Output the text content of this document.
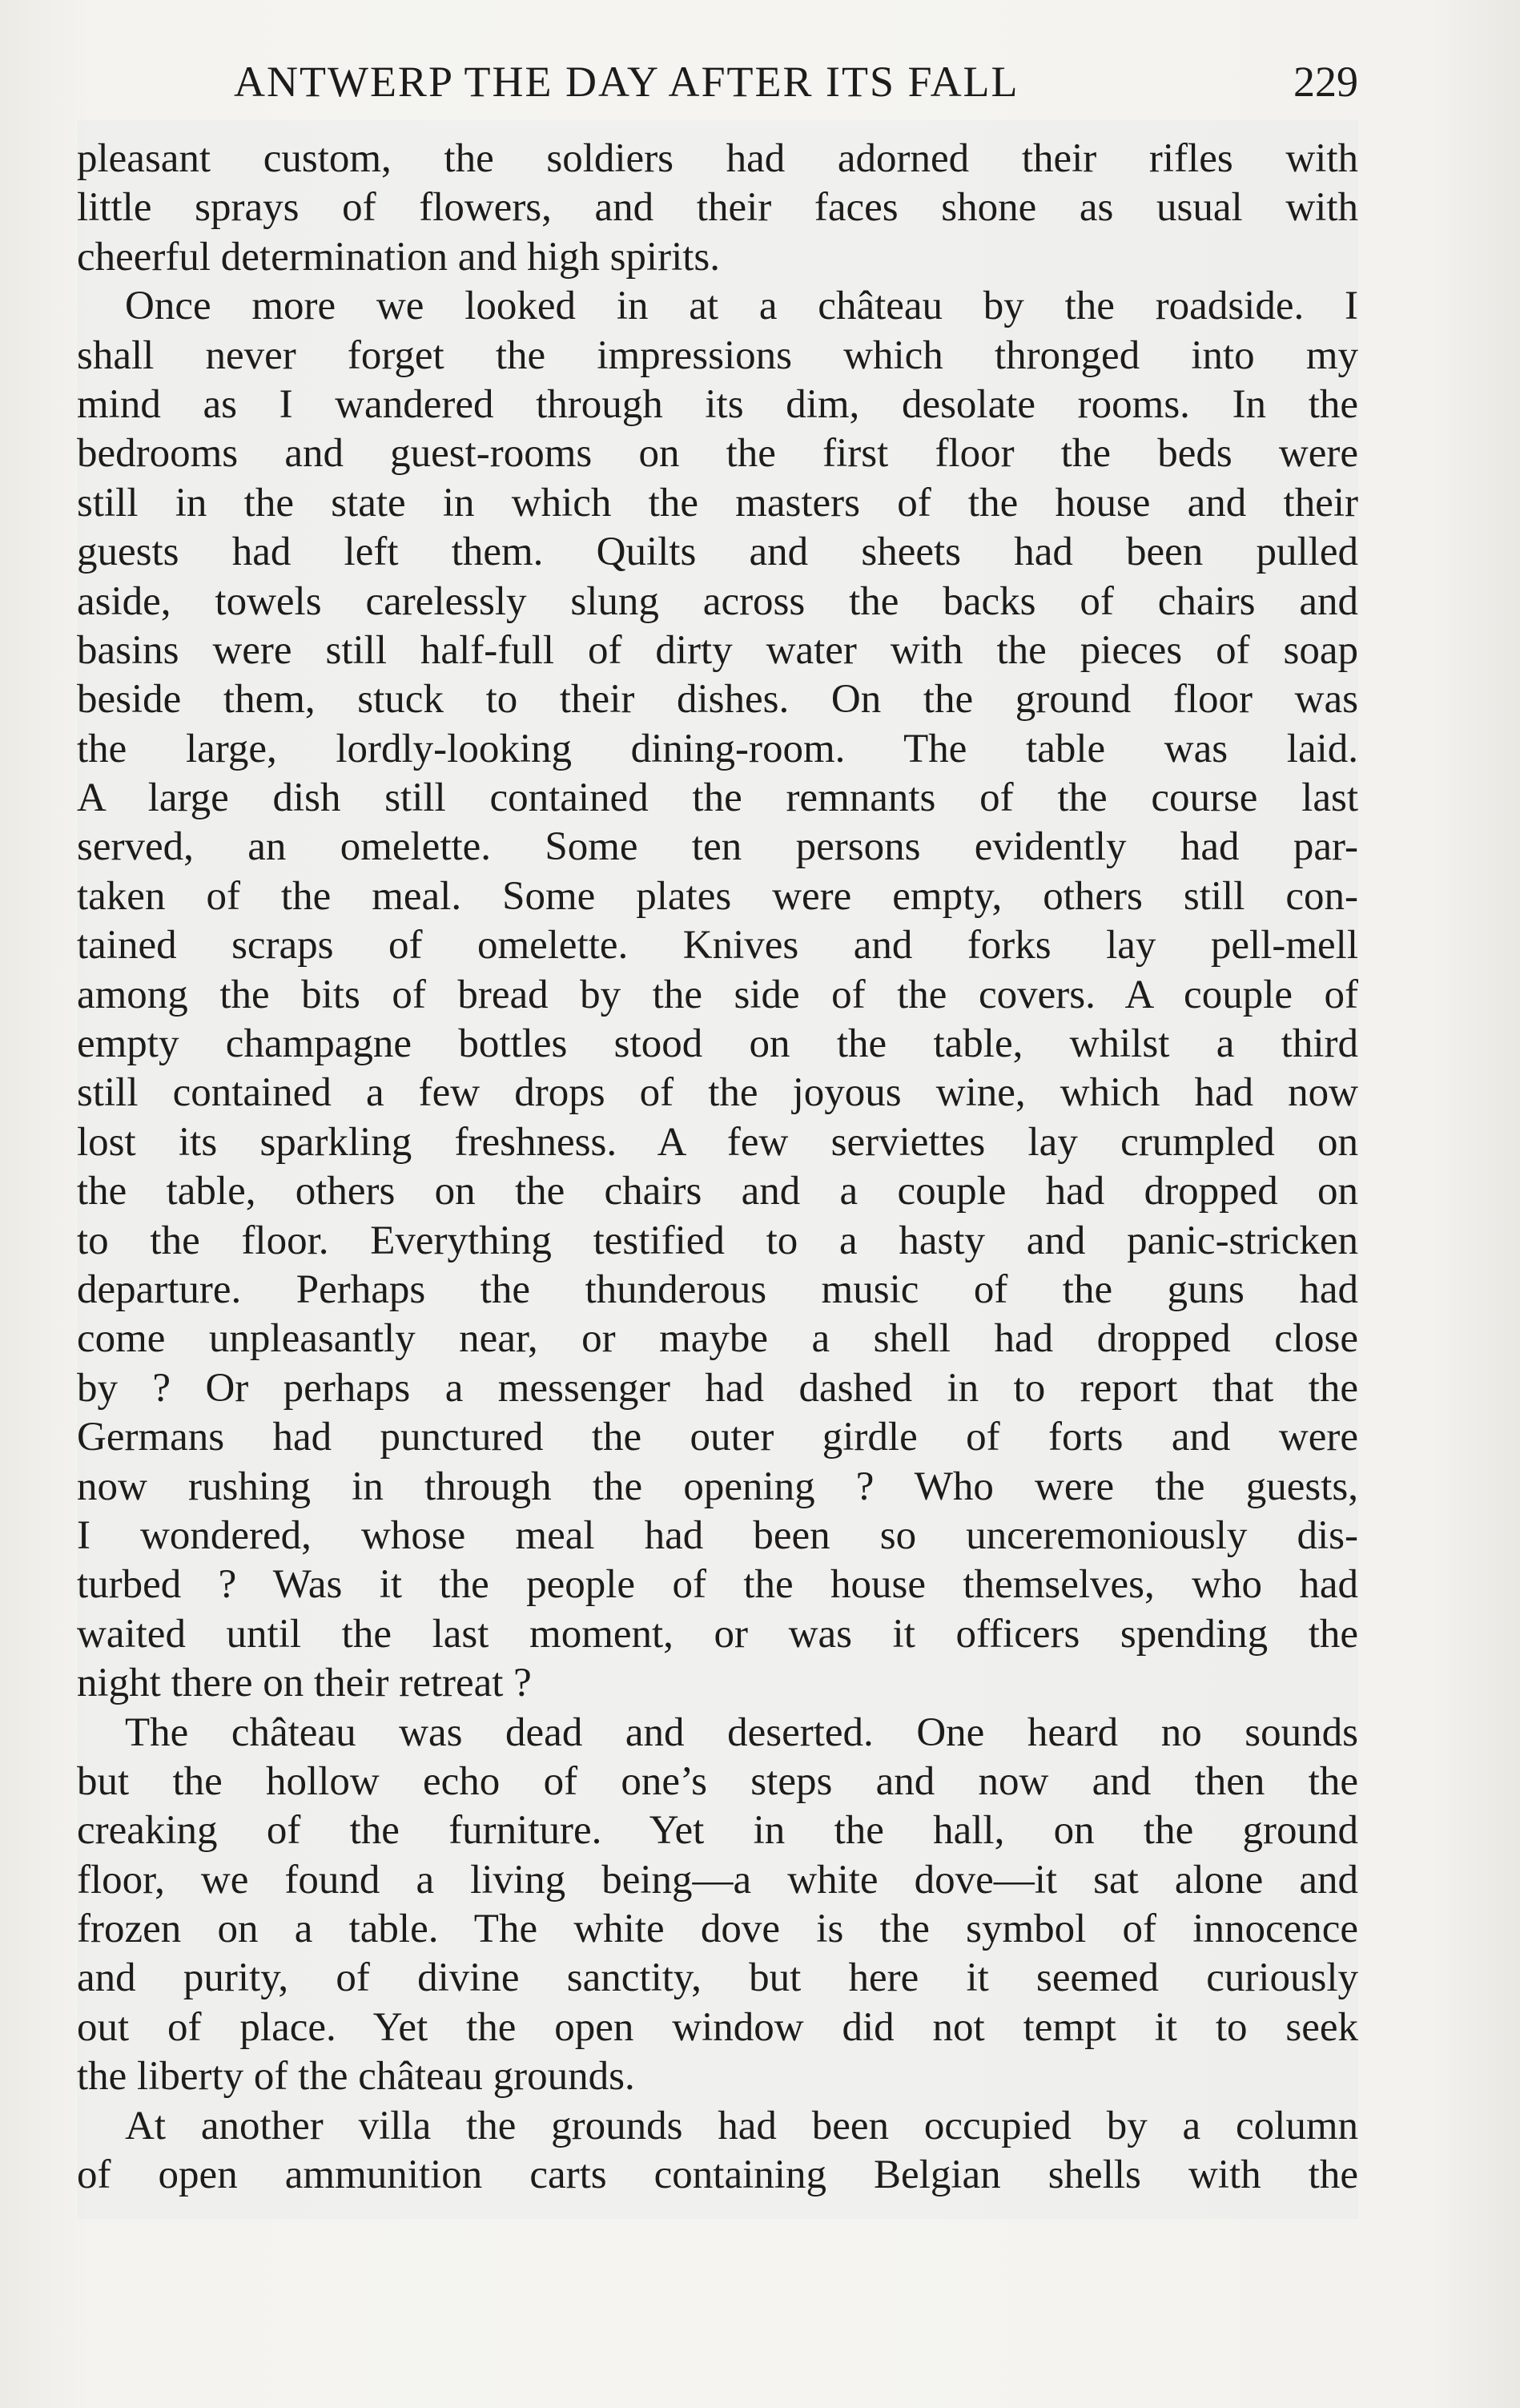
ANTWERP THE DAY AFTER ITS FALL	229
pleasant custom, the soldiers had adorned their rifles with
little sprays of flowers, and their faces shone as usual with
cheerful determination and high spirits.
Once more we looked in at a château by the roadside. I
shall never forget the impressions which thronged into my
mind as I wandered through its dim, desolate rooms. In the
bedrooms and guest-rooms on the first floor the beds were
still in the state in which the masters of the house and their
guests had left them. Quilts and sheets had been pulled
aside, towels carelessly slung across the backs of chairs and
basins were still half-full of dirty water with the pieces of soap
beside them, stuck to their dishes. On the ground floor was
the large, lordly-looking dining-room. The table was laid.
A large dish still contained the remnants of the course last
served, an omelette. Some ten persons evidently had par-
taken of the meal. Some plates were empty, others still con-
tained scraps of omelette. Knives and forks lay pell-mell
among the bits of bread by the side of the covers. A couple of
empty champagne bottles stood on the table, whilst a third
still contained a few drops of the joyous wine, which had now
lost its sparkling freshness. A few serviettes lay crumpled on
the table, others on the chairs and a couple had dropped on
to the floor. Everything testified to a hasty and panic-stricken
departure. Perhaps the thunderous music of the guns had
come unpleasantly near, or maybe a shell had dropped close
by ? Or perhaps a messenger had dashed in to report that the
Germans had punctured the outer girdle of forts and were
now rushing in through the opening ? Who were the guests,
I wondered, whose meal had been so unceremoniously dis-
turbed ? Was it the people of the house themselves, who had
waited until the last moment, or was it officers spending the
night there on their retreat ?
The château was dead and deserted. One heard no sounds
but the hollow echo of one’s steps and now and then the
creaking of the furniture. Yet in the hall, on the ground
floor, we found a living being—a white dove—it sat alone and
frozen on a table. The white dove is the symbol of innocence
and purity, of divine sanctity, but here it seemed curiously
out of place. Yet the open window did not tempt it to seek
the liberty of the château grounds.
At another villa the grounds had been occupied by a column
of open ammunition carts containing Belgian shells with the
